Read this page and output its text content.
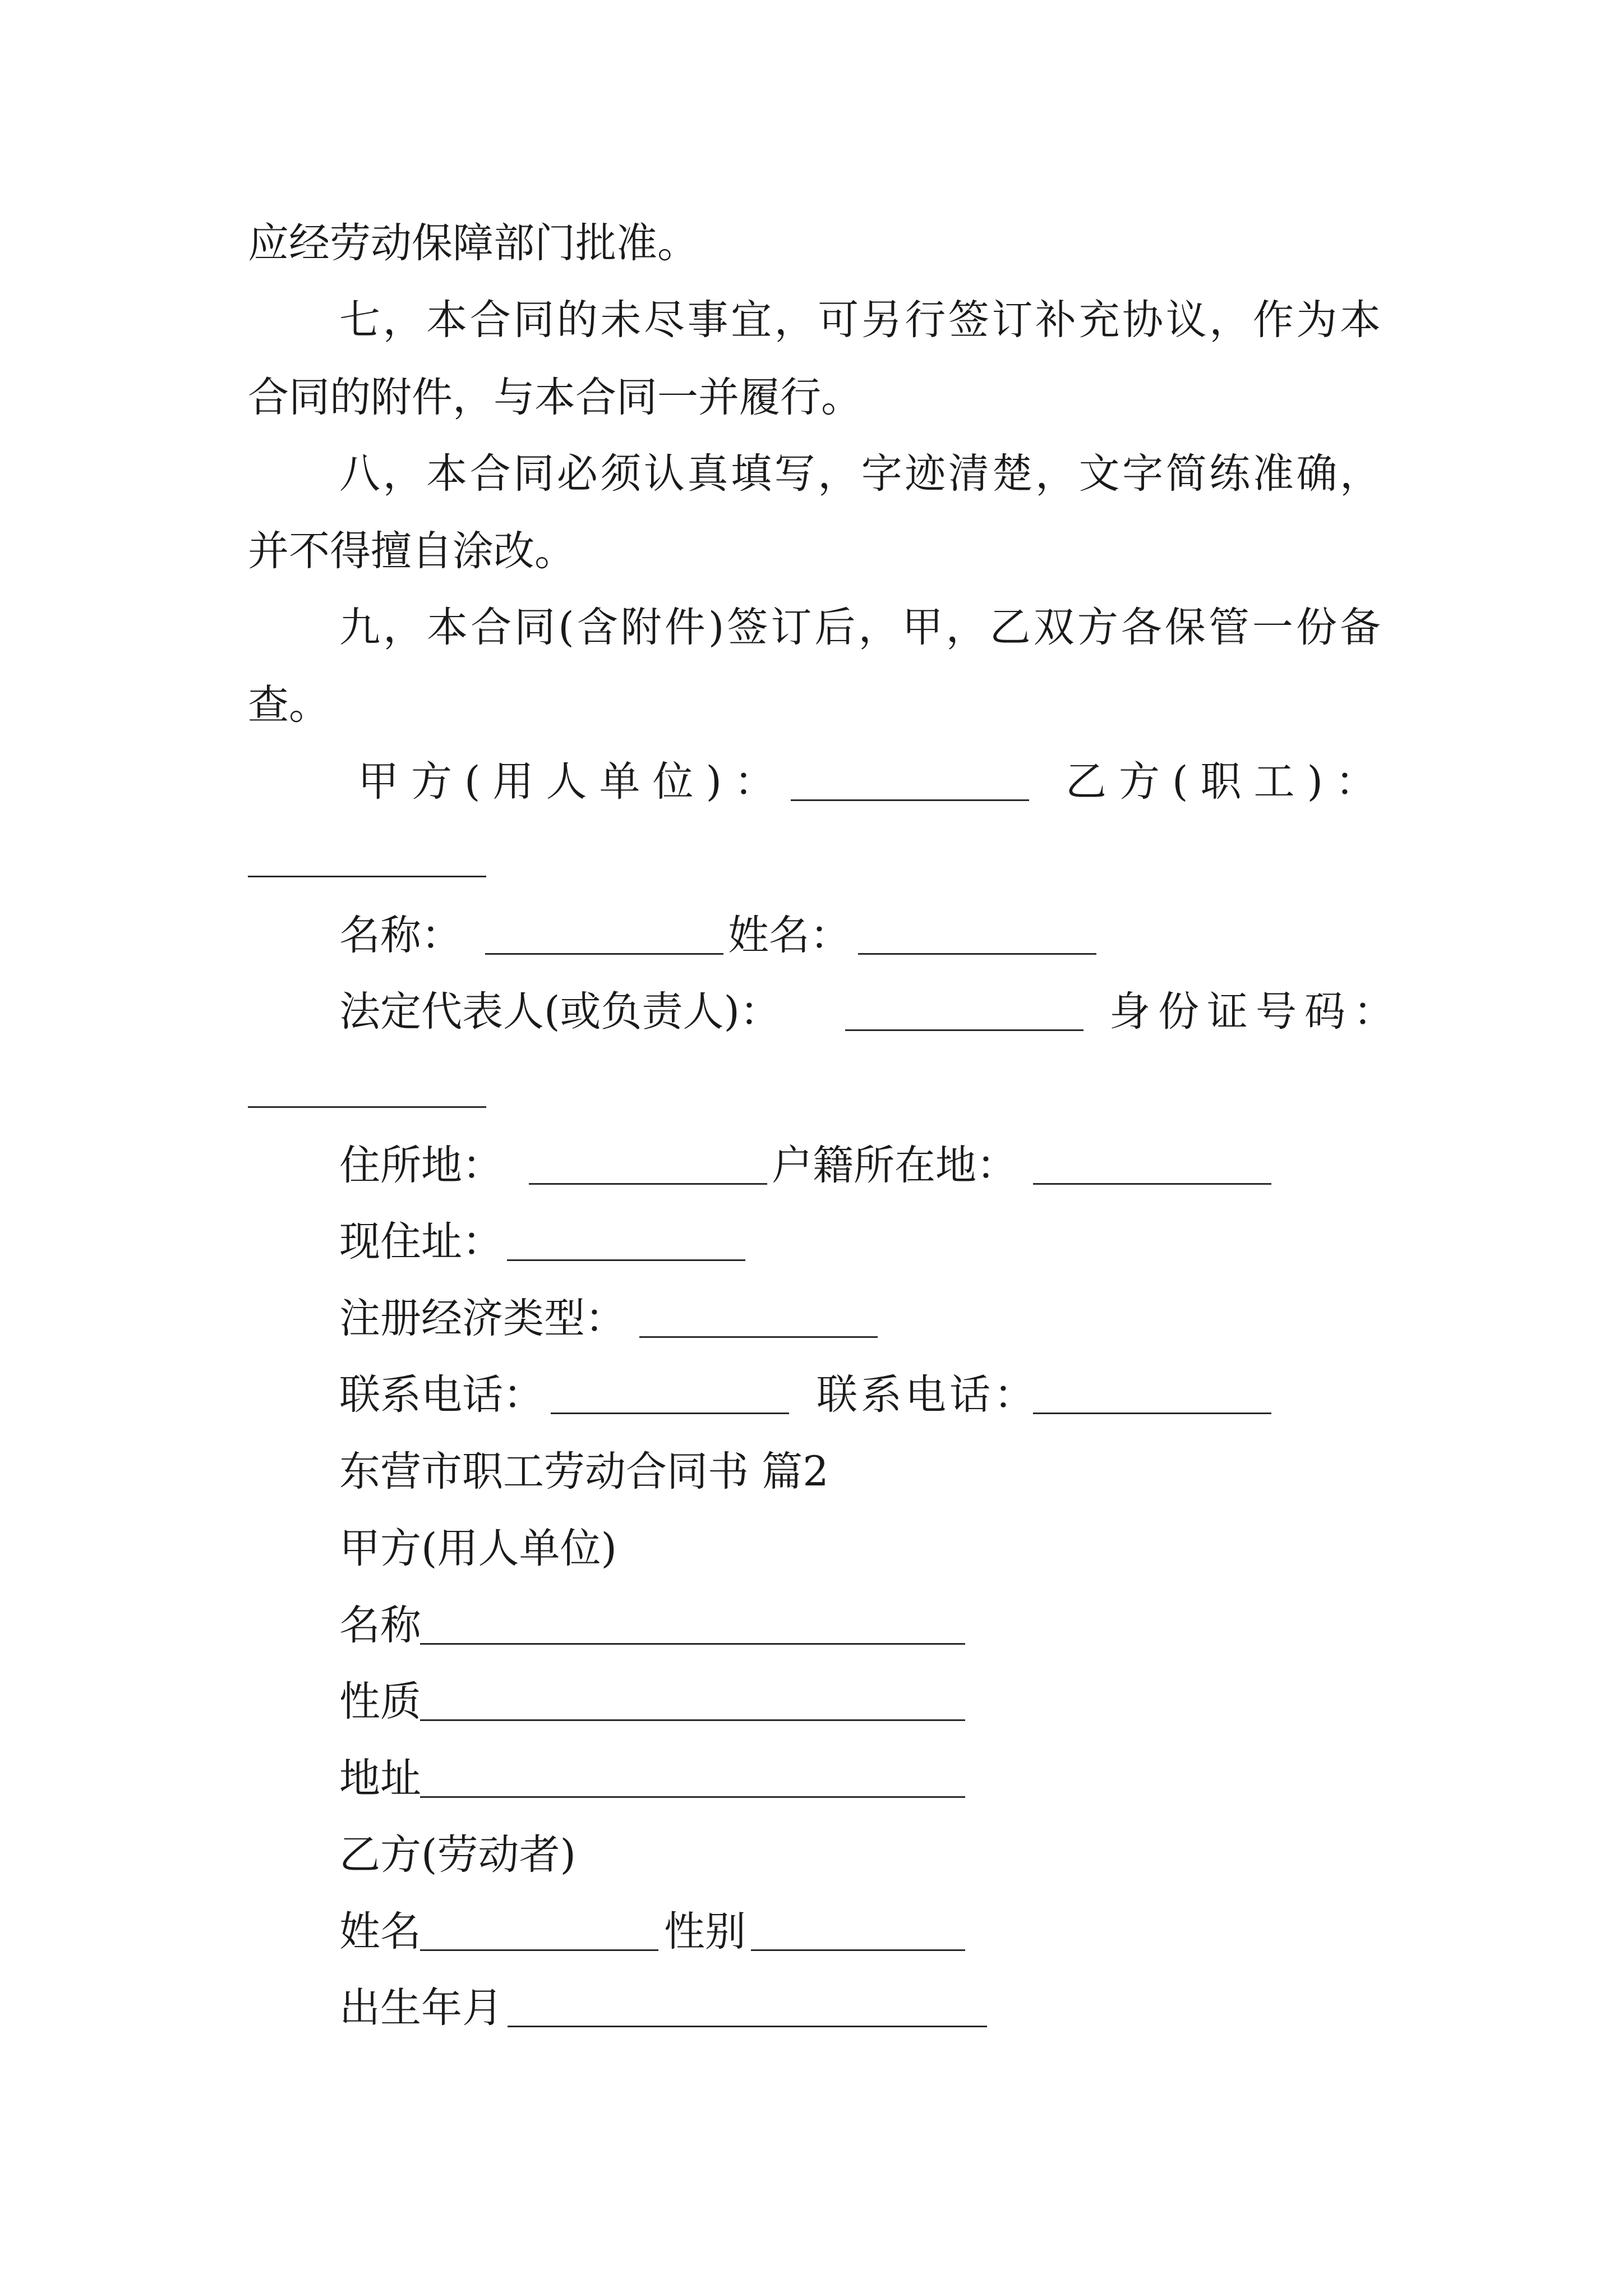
应经劳动保障部门批准。
七，本合同的未尽事宜，可另行签订补充协议，作为本
合同的附件，与本合同一并履行。
八，本合同必须认真填写，字迹清楚，文字简练准确，
并不得擅自涂改。
九，本合同(含附件)签订后，甲，乙双方各保管一份备
查。
甲方(用人单位)：	乙方(职工)：
名称：	姓名：
法定代表人(或负责人)：	身份证号码：
住所地：	户籍所在地：
现住址：
注册经济类型：
联系电话：	联系电话：
东营市职工劳动合同书 篇2
甲方(用人单位)
名称
性质
地址
乙方(劳动者)
姓名	性别
出生年月
